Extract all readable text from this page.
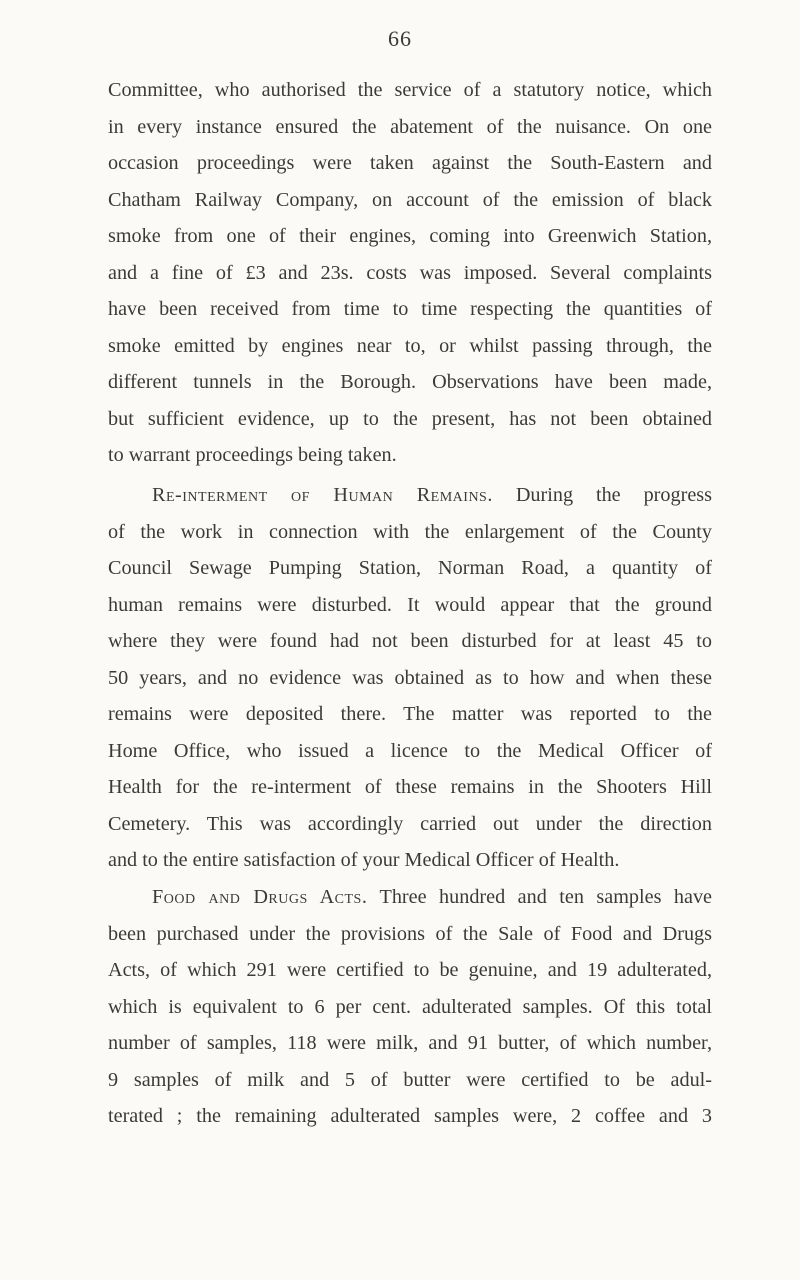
66
Committee, who authorised the service of a statutory notice, which
in every instance ensured the abatement of the nuisance. On one
occasion proceedings were taken against the South-Eastern and
Chatham Railway Company, on account of the emission of black
smoke from one of their engines, coming into Greenwich Station,
and a fine of £3 and 23s. costs was imposed. Several complaints
have been received from time to time respecting the quantities of
smoke emitted by engines near to, or whilst passing through, the
different tunnels in the Borough. Observations have been made,
but sufficient evidence, up to the present, has not been obtained
to warrant proceedings being taken.
Re-interment of Human Remains. During the progress
of the work in connection with the enlargement of the County
Council Sewage Pumping Station, Norman Road, a quantity of
human remains were disturbed. It would appear that the ground
where they were found had not been disturbed for at least 45 to
50 years, and no evidence was obtained as to how and when these
remains were deposited there. The matter was reported to the
Home Office, who issued a licence to the Medical Officer of
Health for the re-interment of these remains in the Shooters Hill
Cemetery. This was accordingly carried out under the direction
and to the entire satisfaction of your Medical Officer of Health.
Food and Drugs Acts. Three hundred and ten samples have
been purchased under the provisions of the Sale of Food and Drugs
Acts, of which 291 were certified to be genuine, and 19 adulterated,
which is equivalent to 6 per cent. adulterated samples. Of this total
number of samples, 118 were milk, and 91 butter, of which number,
9 samples of milk and 5 of butter were certified to be adul-
terated ; the remaining adulterated samples were, 2 coffee and 3
